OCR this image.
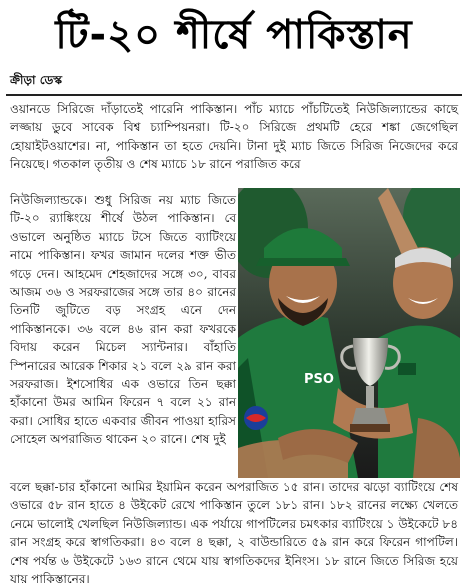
টি-২০ শীর্ষে পাকিস্তান
ক্রীড়া ডেস্ক
ওয়ানডে সিরিজে দাঁড়াতেই পারেনি পাকিস্তান। পাঁচ ম্যাচে পাঁচটিতেই নিউজিল্যান্ডের কাছে লজ্জায় ডুবে সাবেক বিশ্ব চ্যাম্পিয়নরা। টি-২০ সিরিজে প্রথমটি হেরে শঙ্কা জেগেছিল হোয়াইটওয়াশের। না, পাকিস্তান তা হতে দেয়নি। টানা দুই ম্যাচ জিতে সিরিজ নিজেদের করে নিয়েছে। গতকাল তৃতীয় ও শেষ ম্যাচে ১৮ রানে পরাজিত করে
নিউজিল্যান্ডকে। শুধু সিরিজ নয় ম্যাচ জিতে টি-২০ র‍্যাঙ্কিংয়ে শীর্ষে উঠল পাকিস্তান। বে ওভালে অনুষ্ঠিত ম্যাচে টসে জিতে ব্যাটিংয়ে নামে পাকিস্তান। ফখর জামান দলের শক্ত ভীত গড়ে দেন। আহমেদ শেহজাদের সঙ্গে ৩০, বাবর আজম ৩৬ ও সরফরাজের সঙ্গে তার ৪০ রানের তিনটি জুটিতে বড় সংগ্রহ এনে দেন পাকিস্তানকে। ৩৬ বলে ৪৬ রান করা ফখরকে বিদায় করেন মিচেল স্যান্টনার। বাঁহাতি স্পিনারের আরেক শিকার ২১ বলে ২৯ রান করা সরফরাজ। ইশসোধির এক ওভারে তিন ছক্কা হাঁকানো উমর আমিন ফিরেন ৭ বলে ২১ রান করা। সোধির হাতে একবার জীবন পাওয়া হারিস সোহেল অপরাজিত থাকেন ২০ রানে। শেষ দুই
PSO
বলে ছক্কা-চার হাঁকানো আমির ইয়ামিন করেন অপরাজিত ১৫ রান। তাদের ঝড়ো ব্যাটিংয়ে শেষ ওভারে ৫৮ রান হাতে ৪ উইকেট রেখে পাকিস্তান তুলে ১৮১ রান। ১৮২ রানের লক্ষ্যে খেলতে নেমে ভালোই খেলছিল নিউজিল্যান্ড। এক পর্যায়ে গাপটিলের চমৎকার ব্যাটিংয়ে ১ উইকেটে ৮৪ রান সংগ্রহ করে স্বাগতিকরা। ৪৩ বলে ৪ ছক্কা, ২ বাউন্ডারিতে ৫৯ রান করে ফিরেন গাপটিল। শেষ পর্যন্ত ৬ উইকেটে ১৬৩ রানে থেমে যায় স্বাগতিকদের ইনিংস। ১৮ রানে জিতে সিরিজ হয়ে যায় পাকিস্তানের।
